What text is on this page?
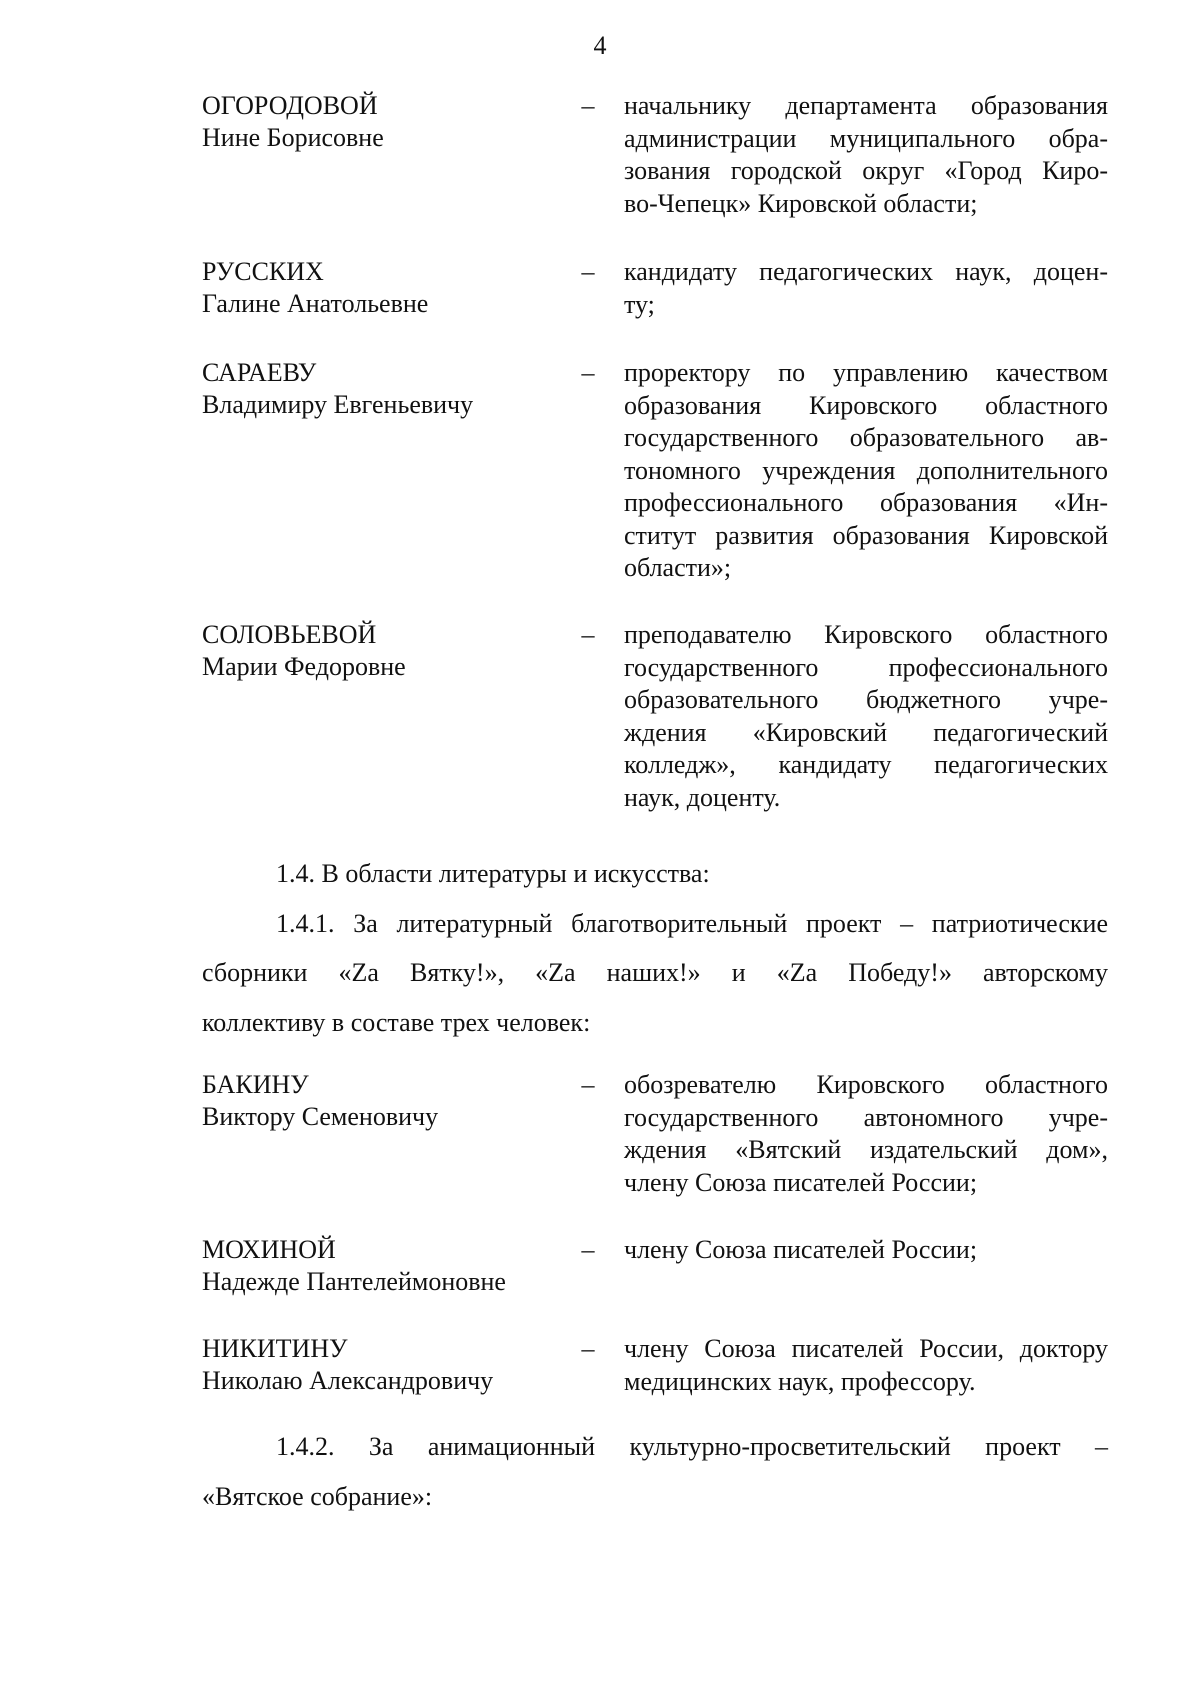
4
ОГОРОДОВОЙ
Нине Борисовне
– начальнику департамента образования
администрации муниципального обра-
зования городской округ «Город Киро-
во-Чепецк» Кировской области;
РУССКИХ
Галине Анатольевне
– кандидату педагогических наук, доцен-
ту;
САРАЕВУ
Владимиру Евгеньевичу
– проректору по управлению качеством
образования Кировского областного
государственного образовательного ав-
тономного учреждения дополнительного
профессионального образования «Ин-
ститут развития образования Кировской
области»;
СОЛОВЬЕВОЙ
Марии Федоровне
– преподавателю Кировского областного
государственного профессионального
образовательного бюджетного учре-
ждения «Кировский педагогический
колледж», кандидату педагогических
наук, доценту.
1.4. В области литературы и искусства:
1.4.1. За литературный благотворительный проект – патриотические
сборники «Za Вятку!», «Za наших!» и «Za Победу!» авторскому
коллективу в составе трех человек:
БАКИНУ
Виктору Семеновичу
– обозревателю Кировского областного
государственного автономного учре-
ждения «Вятский издательский дом»,
члену Союза писателей России;
МОХИНОЙ
Надежде Пантелеймоновне
– члену Союза писателей России;
НИКИТИНУ
Николаю Александровичу
– члену Союза писателей России, доктору
медицинских наук, профессору.
1.4.2. За анимационный культурно-просветительский проект –
«Вятское собрание»:
